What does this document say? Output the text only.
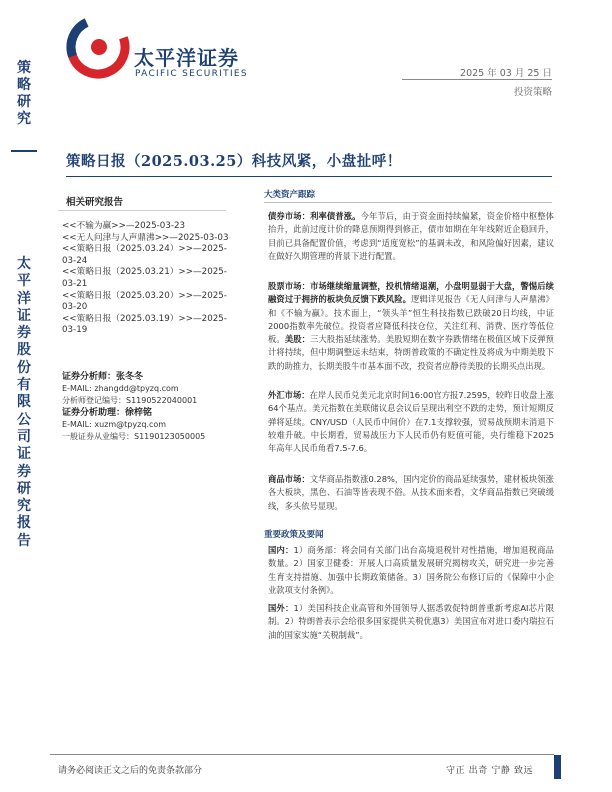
策略研究
太平洋证券股份有限公司证券研究报告
太平洋证券
PACIFIC SECURITIES	2025 年 03 月 25 日
投资策略
策略日报（2025.03.25）科技风紧，小盘扯呼！
相关研究报告
<<不输为赢>>—2025-03-23
<<无人问津与人声鼎沸>>—2025-03-03
<<策略日报（2025.03.24）>>—2025-03-24
<<策略日报（2025.03.21）>>—2025-03-21
<<策略日报（2025.03.20）>>—2025-03-20
<<策略日报（2025.03.19）>>—2025-03-19
证券分析师：张冬冬
E-MAIL: zhangdd@tpyzq.com
分析师登记编号：S1190522040001
证券分析助理：徐梓铭
E-MAIL: xuzm@tpyzq.com
一般证券从业编号：S1190123050005
大类资产跟踪

债券市场：利率债普涨。今年节后，由于资金面持续偏紧，资金价格中枢整体抬升，此前过度计价的降息预期得到修正，债市如期在年年线附近企稳回升，目前已具备配置价值，考虑到“适度宽松”的基调未改，和风险偏好因素，建议在做好久期管理的背景下进行配置。

股票市场：市场继续缩量调整，投机情绪退潮，小盘明显弱于大盘，警惕后续融资过于拥挤的板块负反馈下跌风险。逻辑详见报告《无人问津与人声鼎沸》和《不输为赢》。技术面上，“领头羊”恒生科技指数已跌破20日均线，中证2000指数率先破位。投资者应降低科技仓位，关注红利、消费、医疗等低位板。美股：三大股指延续涨势。美股短期在数字券跌情绪在极值区域下反弹预计将持续，但中期调整远未结束，特朗普政策的不确定性及将成为中期美股下跌的助推力，长期美股牛市基本面不改，投资者应静待美股的长期买点出现。

外汇市场：在岸人民币兑美元北京时间16:00官方报7.2595，较昨日收盘上涨64个基点。美元指数在美联储议息会议后呈现出利空不跌的走势，预计短期反弹将延续。CNY/USD（人民币中间价）在7.1支撑较强，贸易战预期未消退下较难升破。中长期看，贸易战压力下人民币仍有贬值可能，央行维稳下2025年高年人民币角看7.5-7.6。

商品市场：文华商品指数涨0.28%，国内定价的商品延续强势，建材板块领涨各大板块，黑色、石油等皆表现不俗。从技术面来看，文华商品指数已突破缓线，多头依号显现。

重要政策及要闻

国内：1）商务部：将会同有关部门出台高境退税针对性措施，增加退税商品数量。2）国家卫健委：开展人口高质量发展研究揭榜攻关，研究进一步完善生育支持措施、加强中长期政策储备。3）国务院公布修订后的《保障中小企业款项支付条例》。

国外：1）美国科技企业高管和外国领导人据悉敦促特朗普重新考虑AI芯片限制。2）特朗普表示会给很多国家提供关税优惠3）美国宣布对进口委内瑞拉石油的国家实施“关税制裁”。

请务必阅读正文之后的免责条款部分	守正 出奇 宁静 致远
